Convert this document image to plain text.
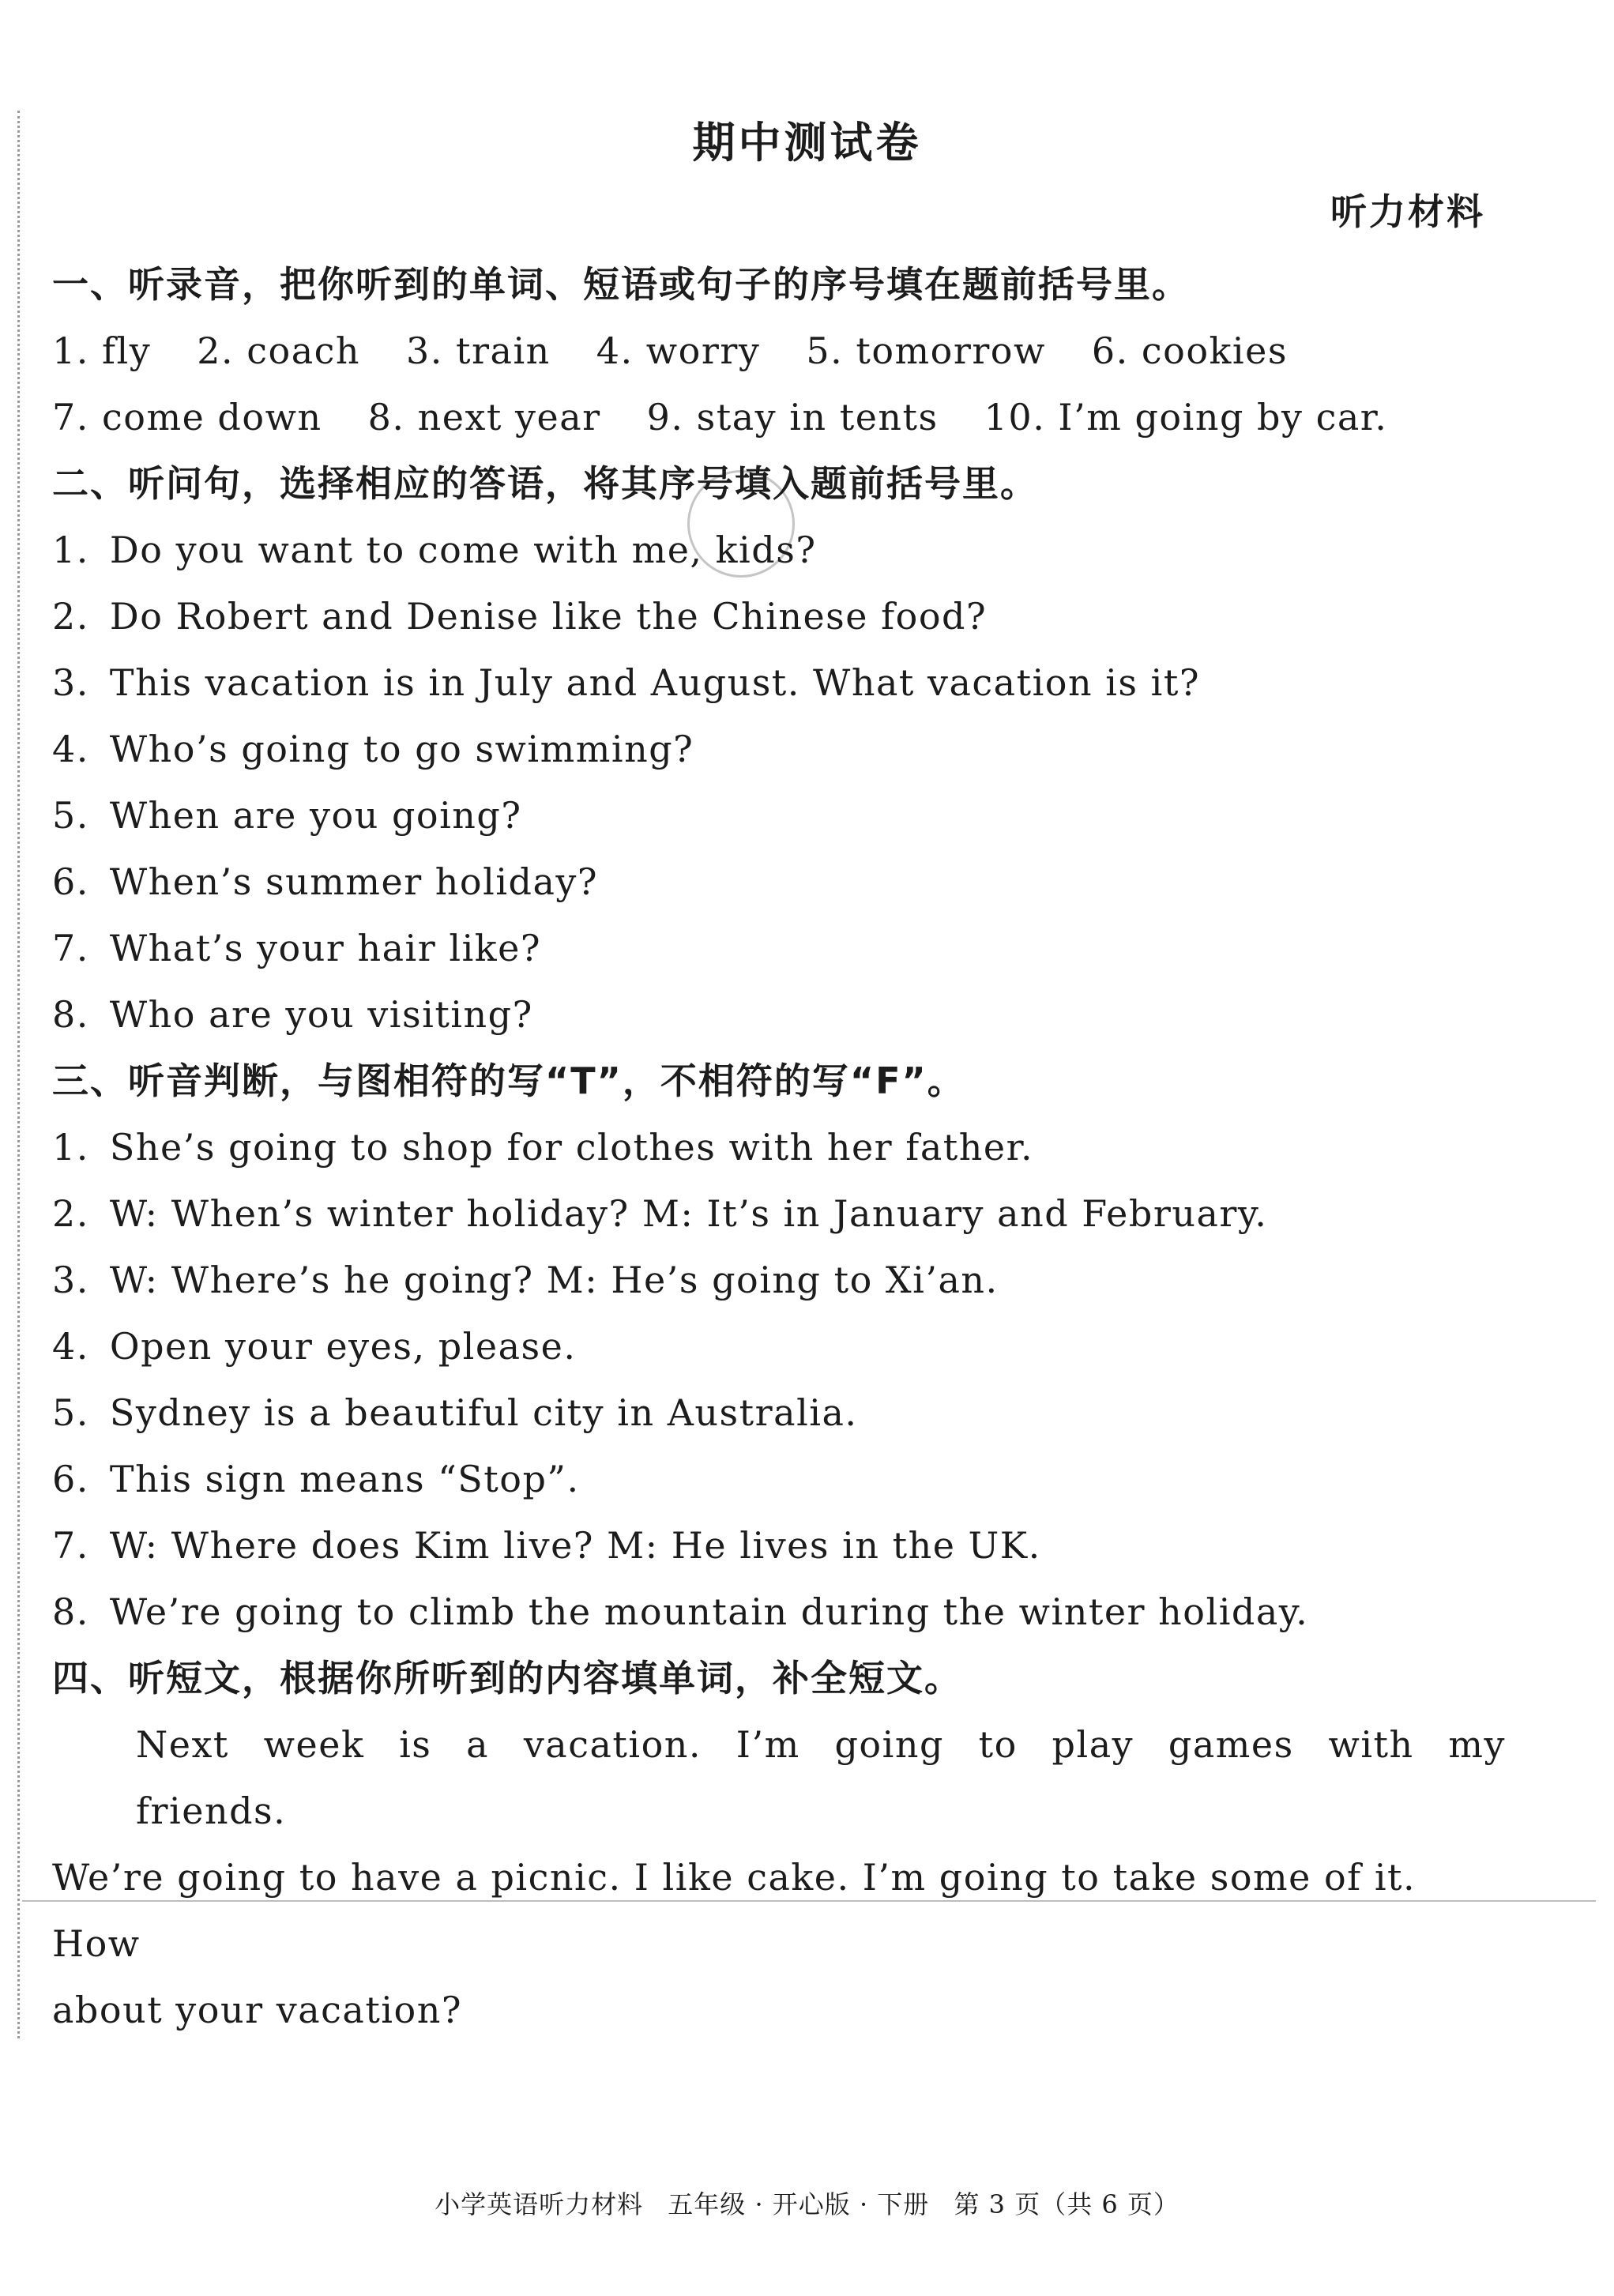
期中测试卷
听力材料
一、听录音，把你听到的单词、短语或句子的序号填在题前括号里。
1. fly 2. coach 3. train 4. worry 5. tomorrow 6. cookies
7. come down 8. next year 9. stay in tents 10. I’m going by car.
二、听问句，选择相应的答语，将其序号填入题前括号里。
1. Do you want to come with me, kids?
2. Do Robert and Denise like the Chinese food?
3. This vacation is in July and August. What vacation is it?
4. Who’s going to go swimming?
5. When are you going?
6. When’s summer holiday?
7. What’s your hair like?
8. Who are you visiting?
三、听音判断，与图相符的写“T”，不相符的写“F”。
1. She’s going to shop for clothes with her father.
2. W: When’s winter holiday? M: It’s in January and February.
3. W: Where’s he going? M: He’s going to Xi’an.
4. Open your eyes, please.
5. Sydney is a beautiful city in Australia.
6. This sign means “Stop”.
7. W: Where does Kim live? M: He lives in the UK.
8. We’re going to climb the mountain during the winter holiday.
四、听短文，根据你所听到的内容填单词，补全短文。
Next week is a vacation. I’m going to play games with my friends.
We’re going to have a picnic. I like cake. I’m going to take some of it. How
about your vacation?
小学英语听力材料 五年级 · 开心版 · 下册 第 3 页（共 6 页）
